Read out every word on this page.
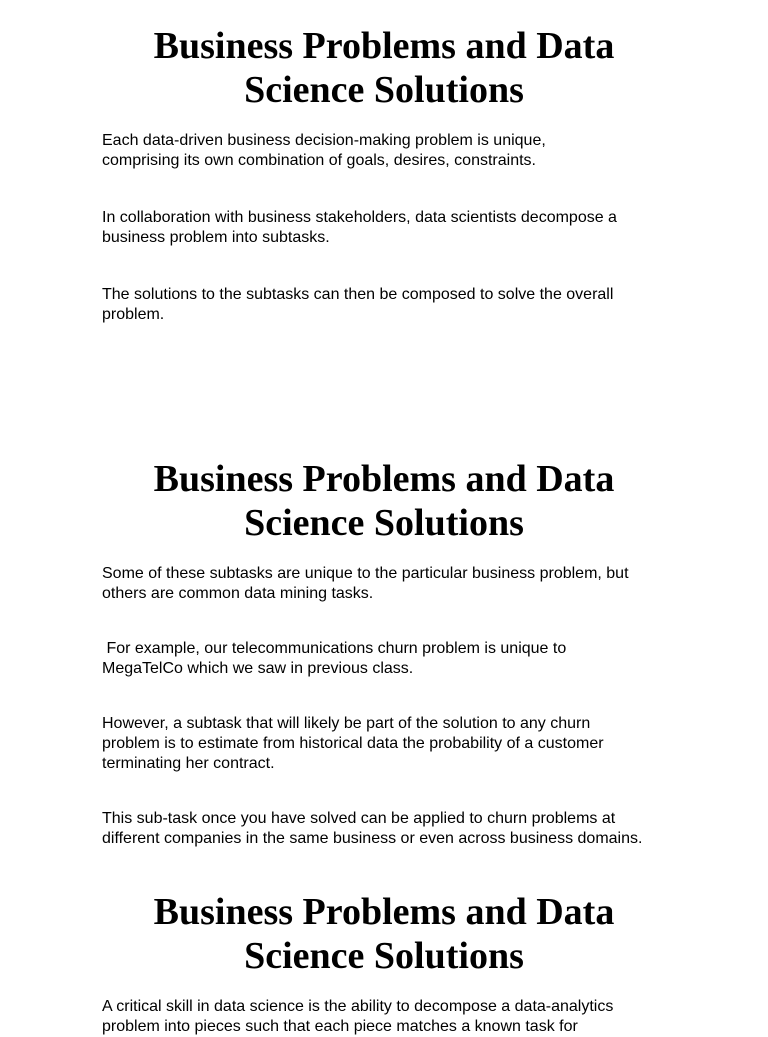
Business Problems and Data
Science Solutions

Each data-driven business decision-making problem is unique,
comprising its own combination of goals, desires, constraints.

In collaboration with business stakeholders, data scientists decompose a
business problem into subtasks.

The solutions to the subtasks can then be composed to solve the overall
problem.

Business Problems and Data
Science Solutions

Some of these subtasks are unique to the particular business problem, but
others are common data mining tasks.

For example, our telecommunications churn problem is unique to
MegaTelCo which we saw in previous class.

However, a subtask that will likely be part of the solution to any churn
problem is to estimate from historical data the probability of a customer
terminating her contract.

This sub-task once you have solved can be applied to churn problems at
different companies in the same business or even across business domains.

Business Problems and Data
Science Solutions

A critical skill in data science is the ability to decompose a data-analytics
problem into pieces such that each piece matches a known task for
